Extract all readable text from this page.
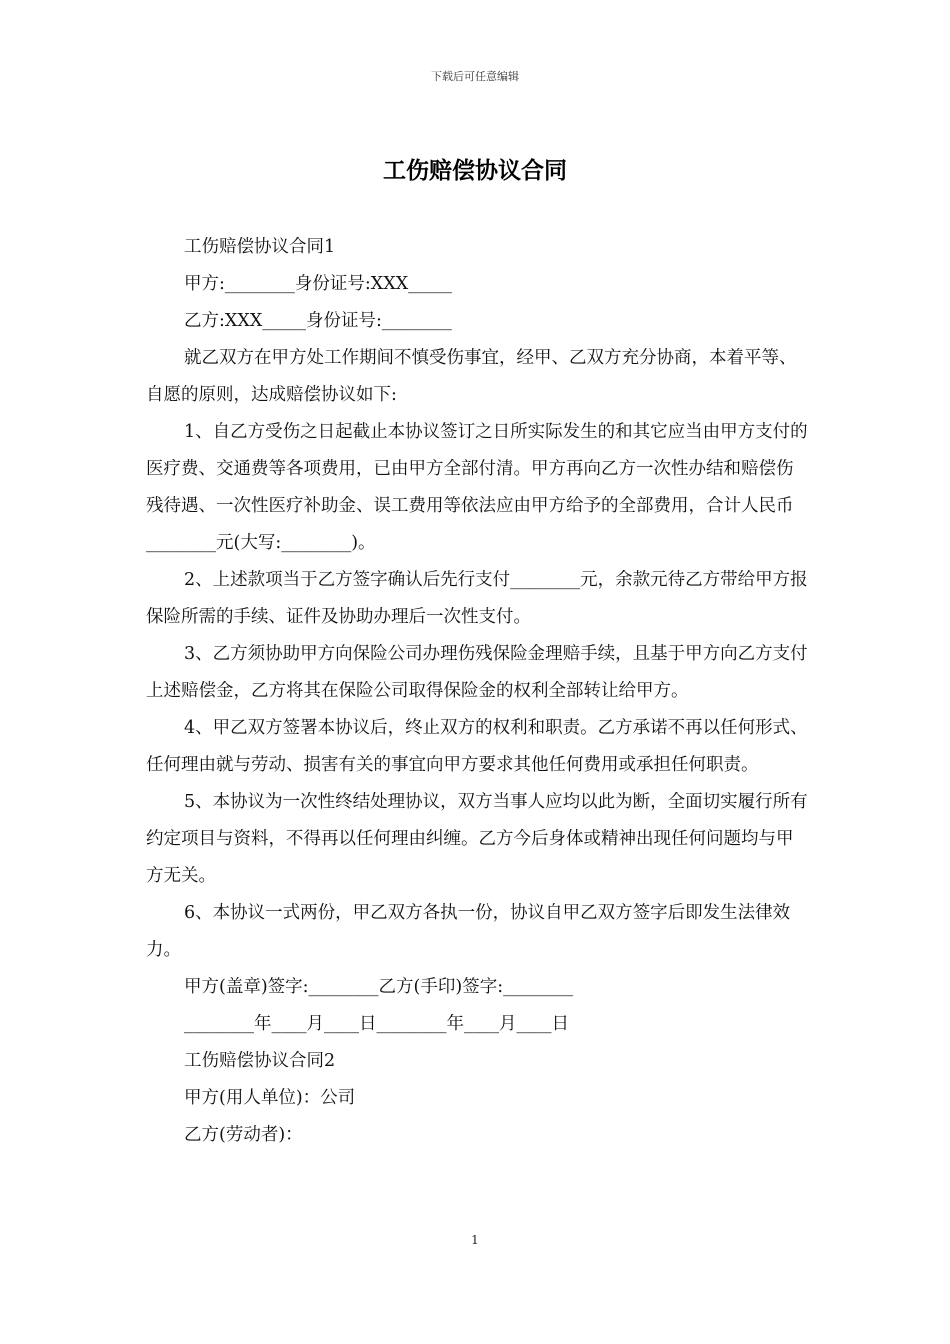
下载后可任意编辑
工伤赔偿协议合同

工伤赔偿协议合同1

甲方:________身份证号:XXX_____

乙方:XXX_____身份证号:________

就乙双方在甲方处工作期间不慎受伤事宜，经甲、乙双方充分协商，本着平等、自愿的原则，达成赔偿协议如下:

1、自乙方受伤之日起截止本协议签订之日所实际发生的和其它应当由甲方支付的医疗费、交通费等各项费用，已由甲方全部付清。甲方再向乙方一次性办结和赔偿伤残待遇、一次性医疗补助金、误工费用等依法应由甲方给予的全部费用，合计人民币________元(大写:________)。

2、上述款项当于乙方签字确认后先行支付________元，余款元待乙方带给甲方报保险所需的手续、证件及协助办理后一次性支付。

3、乙方须协助甲方向保险公司办理伤残保险金理赔手续，且基于甲方向乙方支付上述赔偿金，乙方将其在保险公司取得保险金的权利全部转让给甲方。

4、甲乙双方签署本协议后，终止双方的权利和职责。乙方承诺不再以任何形式、任何理由就与劳动、损害有关的事宜向甲方要求其他任何费用或承担任何职责。

5、本协议为一次性终结处理协议，双方当事人应均以此为断，全面切实履行所有约定项目与资料，不得再以任何理由纠缠。乙方今后身体或精神出现任何问题均与甲方无关。

6、本协议一式两份，甲乙双方各执一份，协议自甲乙双方签字后即发生法律效力。

甲方(盖章)签字:________乙方(手印)签字:________

________年____月____日________年____月____日

工伤赔偿协议合同2

甲方(用人单位)：公司

乙方(劳动者)：

1
